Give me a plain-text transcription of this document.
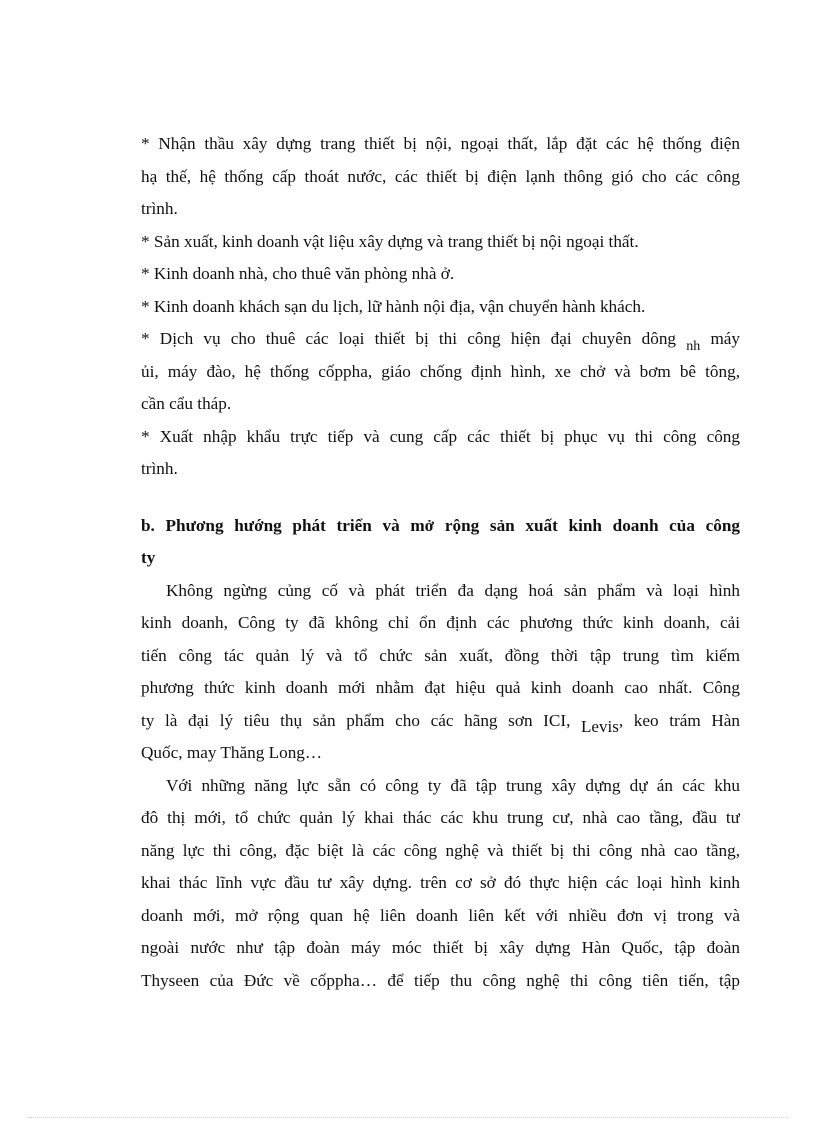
* Nhận thầu xây dựng trang thiết bị nội, ngoại thất, lắp đặt các hệ thống điện
hạ thế, hệ thống cấp thoát nước, các thiết bị điện lạnh thông gió cho các công
trình.
* Sản xuất, kinh doanh vật liệu xây dựng và trang thiết bị nội ngoại thất.
* Kinh doanh nhà, cho thuê văn phòng nhà ở.
* Kinh doanh khách sạn du lịch, lữ hành nội địa, vận chuyển hành khách.
* Dịch vụ cho thuê các loại thiết bị thi công hiện đại chuyên dông $_{nh}$ máy
ủi, máy đào, hệ thống cốppha, giáo chống định hình, xe chở và bơm bê tông,
cần cẩu tháp.
* Xuất nhập khẩu trực tiếp và cung cấp các thiết bị phục vụ thi công công
trình.
b. Phương hướng phát triển và mở rộng sản xuất kinh doanh của công
ty
Không ngừng củng cố và phát triển đa dạng hoá sản phẩm và loại hình
kinh doanh, Công ty đã không chỉ ổn định các phương thức kinh doanh, cải
tiến công tác quản lý và tổ chức sản xuất, đồng thời tập trung tìm kiếm
phương thức kinh doanh mới nhằm đạt hiệu quả kinh doanh cao nhất. Công
ty là đại lý tiêu thụ sản phẩm cho các hãng sơn ICI, Levis, keo trám Hàn
Quốc, may Thăng Long…
Với những năng lực sẵn có công ty đã tập trung xây dựng dự án các khu
đô thị mới, tổ chức quản lý khai thác các khu trung cư, nhà cao tầng, đầu tư
năng lực thi công, đặc biệt là các công nghệ và thiết bị thi công nhà cao tầng,
khai thác lĩnh vực đầu tư xây dựng. trên cơ sở đó thực hiện các loại hình kinh
doanh mới, mở rộng quan hệ liên doanh liên kết với nhiều đơn vị trong và
ngoài nước như tập đoàn máy móc thiết bị xây dựng Hàn Quốc, tập đoàn
Thyseen của Đức về cốppha… để tiếp thu công nghệ thi công tiên tiến, tập
